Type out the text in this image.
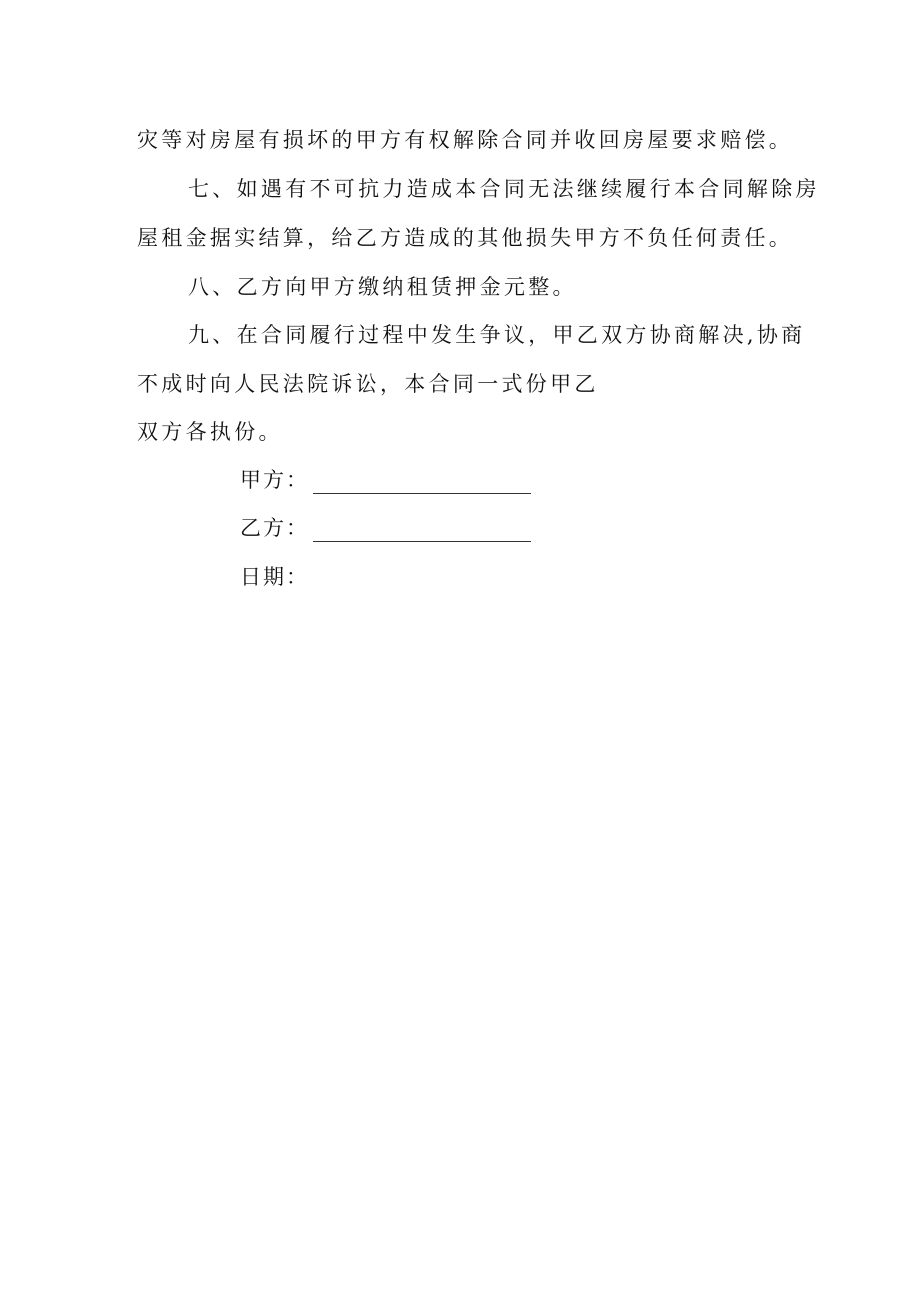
灾等对房屋有损坏的甲方有权解除合同并收回房屋要求赔偿。
七、如遇有不可抗力造成本合同无法继续履行本合同解除房
屋租金据实结算，给乙方造成的其他损失甲方不负任何责任。
八、乙方向甲方缴纳租赁押金元整。
九、在合同履行过程中发生争议，甲乙双方协商解决,协商
不成时向人民法院诉讼，本合同一式份甲乙
双方各执份。
甲方：
乙方：
日期：
